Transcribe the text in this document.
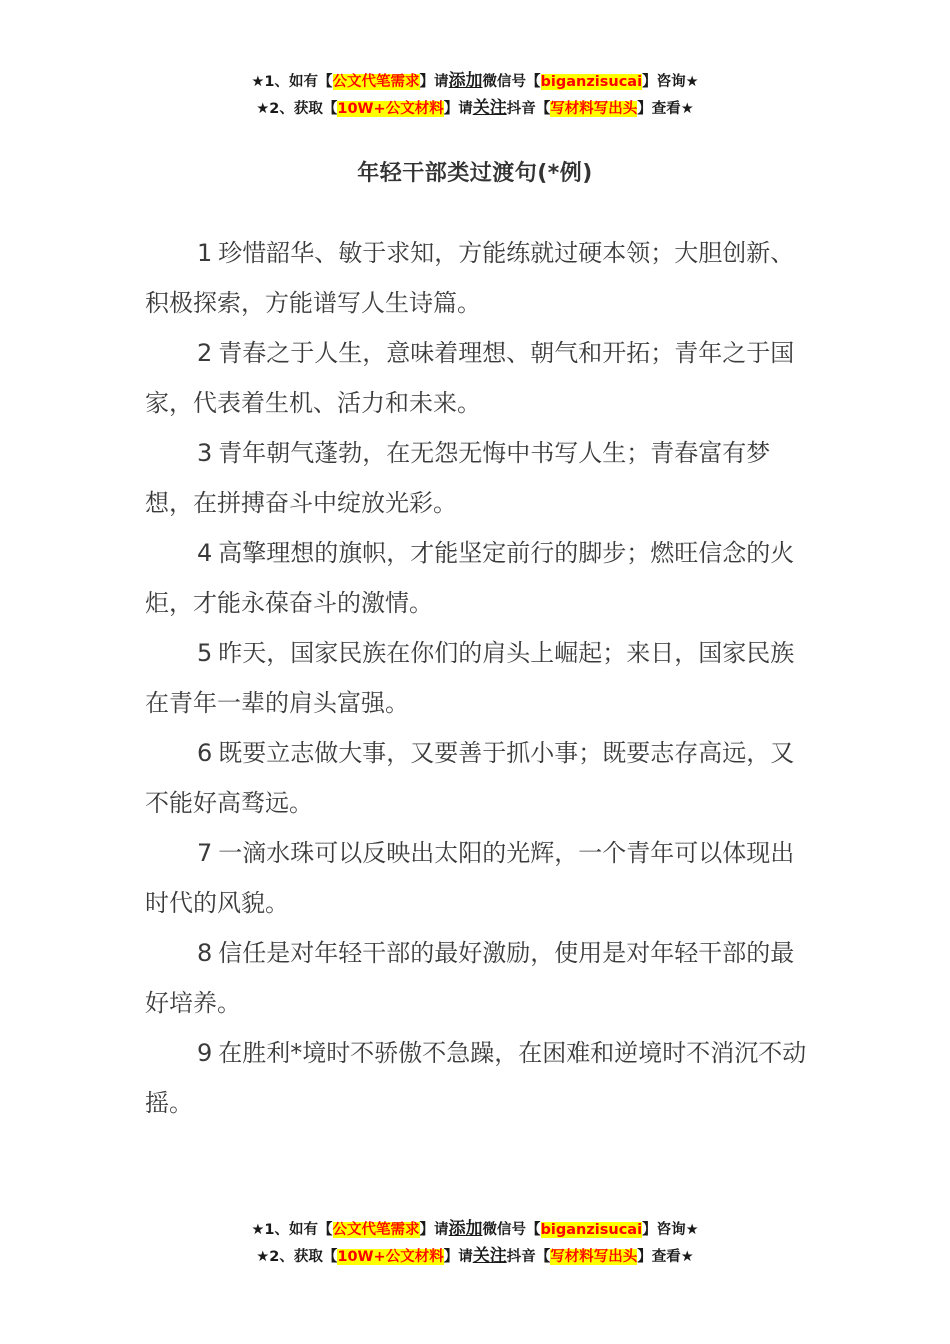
★1、如有【公文代笔需求】请添加微信号【biganzisucai】咨询★
★2、获取【10W+公文材料】请关注抖音【写材料写出头】查看★
年轻干部类过渡句(*例)

1 珍惜韶华、敏于求知，方能练就过硬本领；大胆创新、积极探索，方能谱写人生诗篇。

2 青春之于人生，意味着理想、朝气和开拓；青年之于国家，代表着生机、活力和未来。

3 青年朝气蓬勃，在无怨无悔中书写人生；青春富有梦想，在拼搏奋斗中绽放光彩。

4 高擎理想的旗帜，才能坚定前行的脚步；燃旺信念的火炬，才能永葆奋斗的激情。

5 昨天，国家民族在你们的肩头上崛起；来日，国家民族在青年一辈的肩头富强。

6 既要立志做大事，又要善于抓小事；既要志存高远，又不能好高骛远。

7 一滴水珠可以反映出太阳的光辉，一个青年可以体现出时代的风貌。

8 信任是对年轻干部的最好激励，使用是对年轻干部的最好培养。

9 在胜利*境时不骄傲不急躁，在困难和逆境时不消沉不动摇。

★1、如有【公文代笔需求】请添加微信号【biganzisucai】咨询★
★2、获取【10W+公文材料】请关注抖音【写材料写出头】查看★
